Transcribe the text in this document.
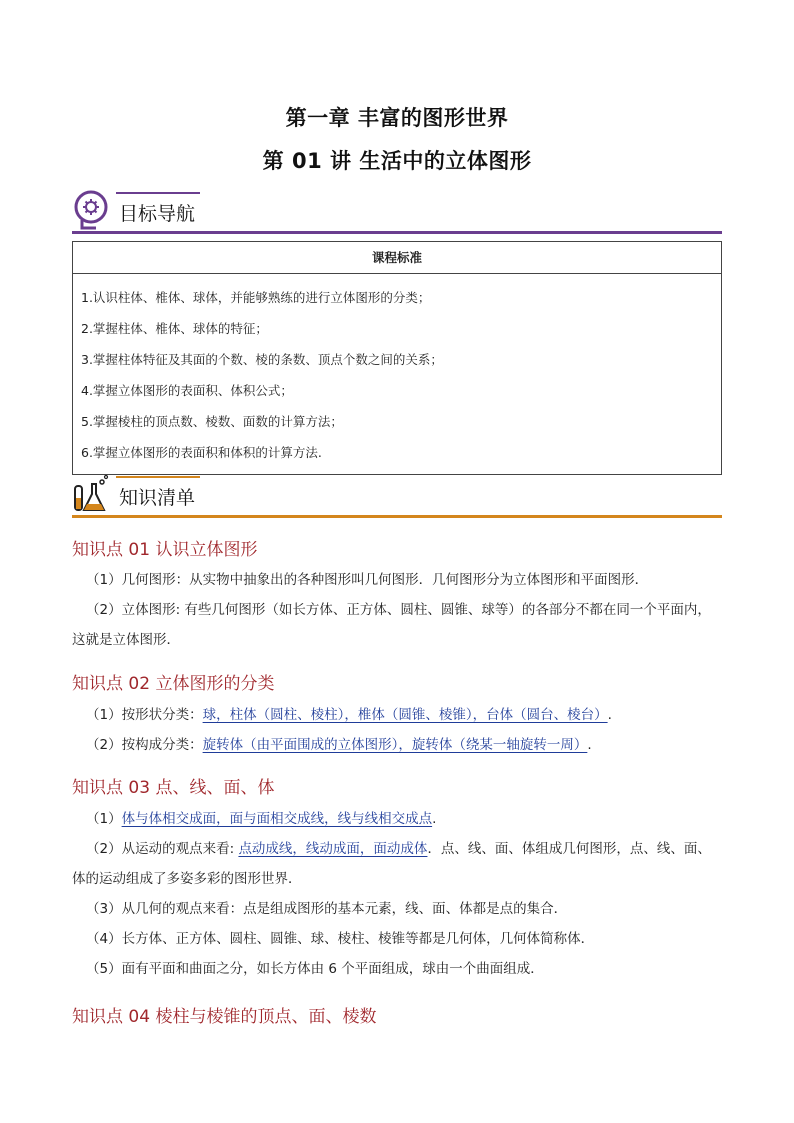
第一章 丰富的图形世界
第 01 讲 生活中的立体图形
目标导航
课程标准
1.认识柱体、椎体、球体，并能够熟练的进行立体图形的分类；
2.掌握柱体、椎体、球体的特征；
3.掌握柱体特征及其面的个数、棱的条数、顶点个数之间的关系；
4.掌握立体图形的表面积、体积公式；
5.掌握棱柱的顶点数、棱数、面数的计算方法；
6.掌握立体图形的表面积和体积的计算方法.
知识清单
知识点 01 认识立体图形
（1）几何图形：从实物中抽象出的各种图形叫几何图形．几何图形分为立体图形和平面图形．
（2）立体图形: 有些几何图形（如长方体、正方体、圆柱、圆锥、球等）的各部分不都在同一个平面内，
这就是立体图形．
知识点 02 立体图形的分类
（1）按形状分类：球，柱体（圆柱、棱柱），椎体（圆锥、棱锥），台体（圆台、棱台）.
（2）按构成分类：旋转体（由平面围成的立体图形），旋转体（绕某一轴旋转一周）.
知识点 03 点、线、面、体
（1）体与体相交成面，面与面相交成线，线与线相交成点.
（2）从运动的观点来看: 点动成线，线动成面，面动成体．点、线、面、体组成几何图形，点、线、面、
体的运动组成了多姿多彩的图形世界．
（3）从几何的观点来看：点是组成图形的基本元素，线、面、体都是点的集合．
（4）长方体、正方体、圆柱、圆锥、球、棱柱、棱锥等都是几何体，几何体简称体．
（5）面有平面和曲面之分，如长方体由 6 个平面组成，球由一个曲面组成．
知识点 04 棱柱与棱锥的顶点、面、棱数
